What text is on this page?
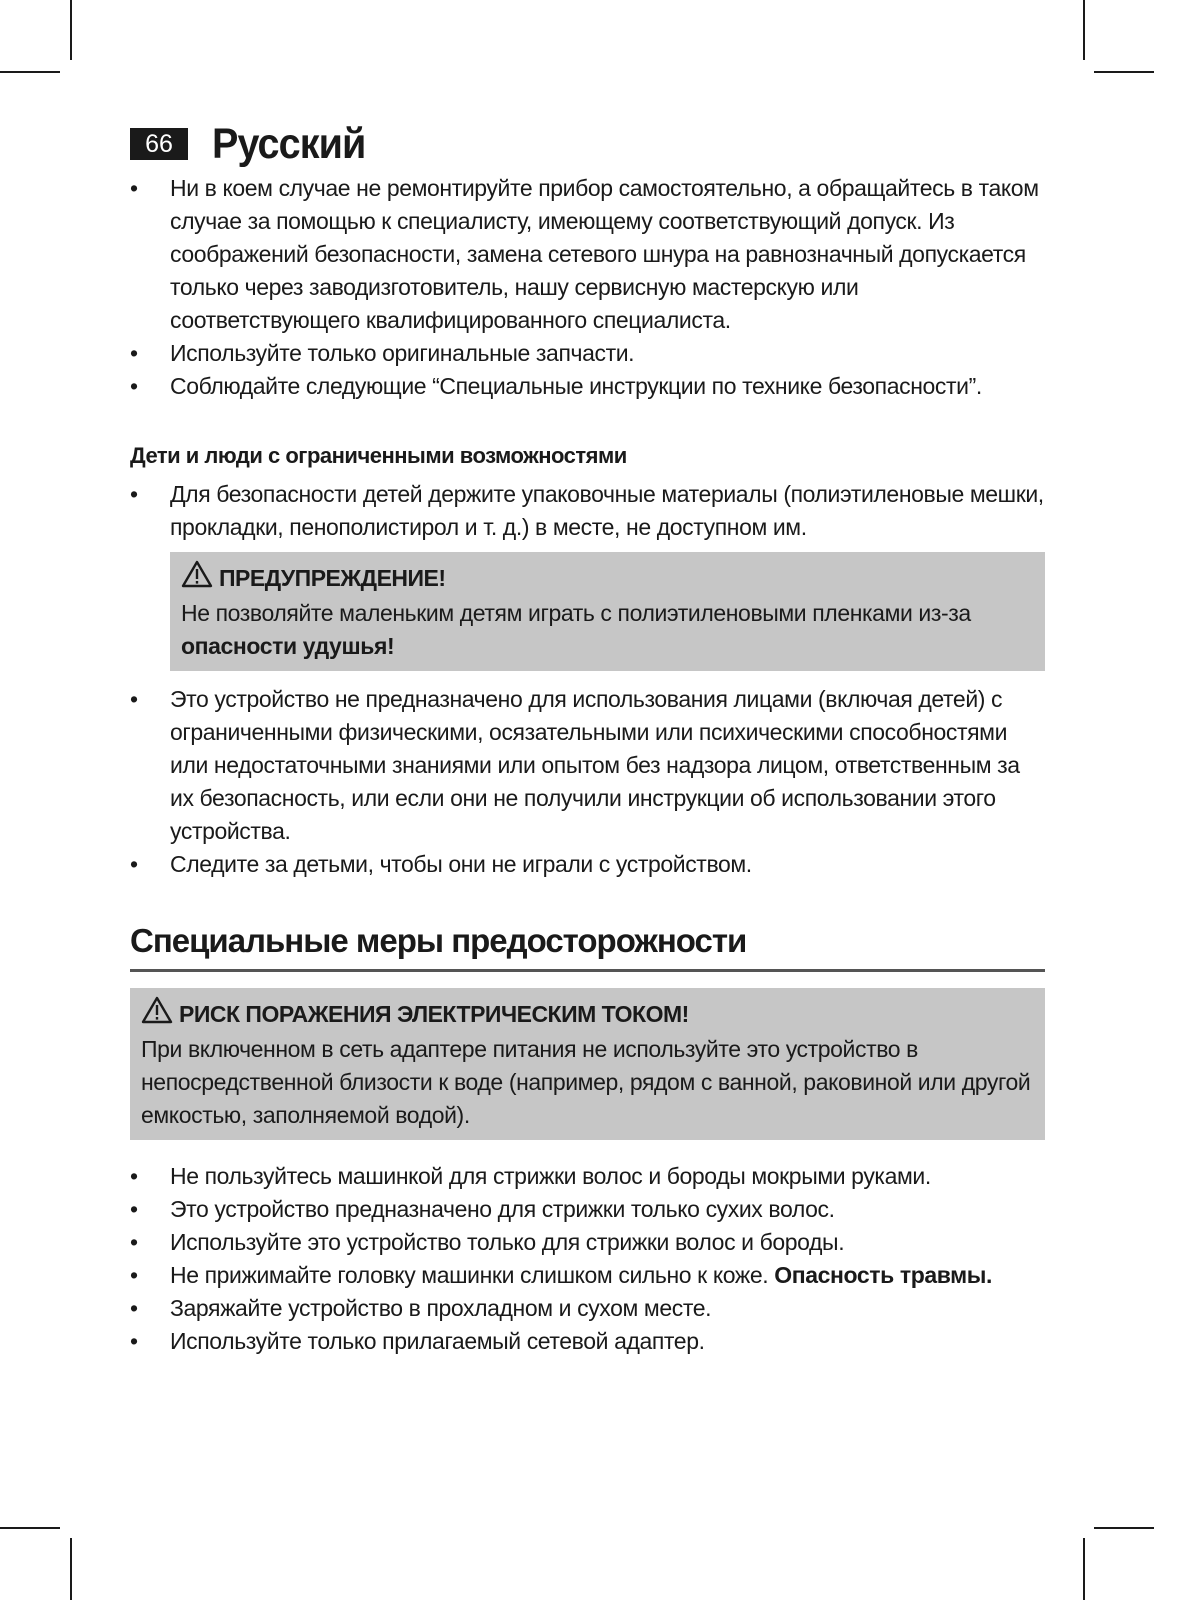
66 Русский
• Ни в коем случае не ремонтируйте прибор самостоятельно, а обращайтесь в таком случае за помощью к специалисту, имеющему соответствующий допуск. Из соображений безопасности, замена сетевого шнура на равнозначный допускается только через заводизготовитель, нашу сервисную мастерскую или соответствующего квалифицированного специалиста.
• Используйте только оригинальные запчасти.
• Соблюдайте следующие “Специальные инструкции по технике безопасности”.
Дети и люди с ограниченными возможностями
• Для безопасности детей держите упаковочные материалы (полиэтиленовые мешки, прокладки, пенополистирол и т. д.) в месте, не доступном им.
ПРЕДУПРЕЖДЕНИЕ!
Не позволяйте маленьким детям играть с полиэтиленовыми пленками из-за опасности удушья!
• Это устройство не предназначено для использования лицами (включая детей) с ограниченными физическими, осязательными или психическими способностями или недостаточными знаниями или опытом без надзора лицом, ответственным за их безопасность, или если они не получили инструкции об использовании этого устройства.
• Следите за детьми, чтобы они не играли с устройством.
Специальные меры предосторожности
РИСК ПОРАЖЕНИЯ ЭЛЕКТРИЧЕСКИМ ТОКОМ!
При включенном в сеть адаптере питания не используйте это устройство в непосредственной близости к воде (например, рядом с ванной, раковиной или другой емкостью, заполняемой водой).
• Не пользуйтесь машинкой для стрижки волос и бороды мокрыми руками.
• Это устройство предназначено для стрижки только сухих волос.
• Используйте это устройство только для стрижки волос и бороды.
• Не прижимайте головку машинки слишком сильно к коже. Опасность травмы.
• Заряжайте устройство в прохладном и сухом месте.
• Используйте только прилагаемый сетевой адаптер.
